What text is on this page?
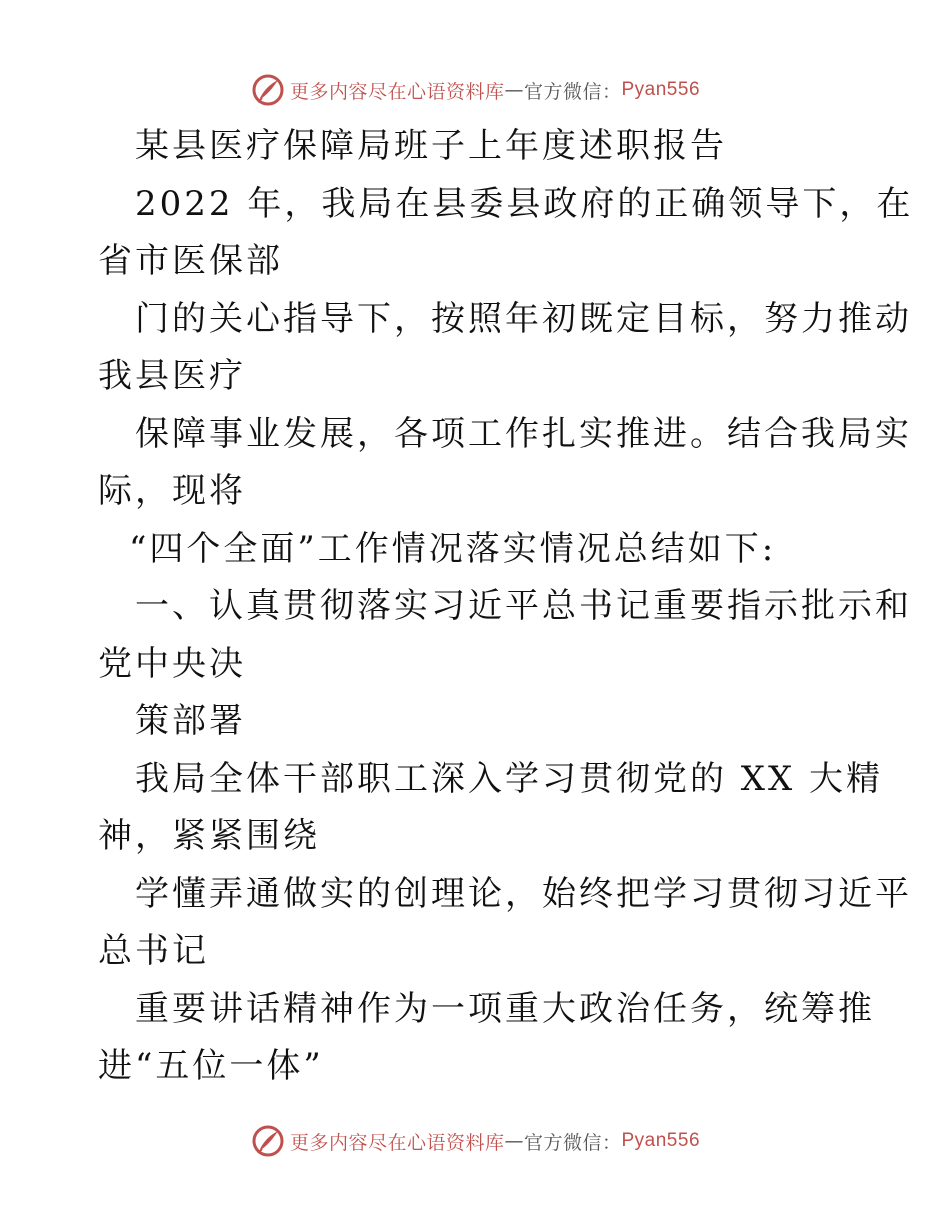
更多内容尽在心语资料库 — 官方微信： Pyan556
某县医疗保障局班子上年度述职报告
2022 年，我局在县委县政府的正确领导下，在
省市医保部
门的关心指导下，按照年初既定目标，努力推动
我县医疗
保障事业发展，各项工作扎实推进。结合我局实
际，现将
“四个全面”工作情况落实情况总结如下:
一、认真贯彻落实习近平总书记重要指示批示和
党中央决
策部署
我局全体干部职工深入学习贯彻党的 XX 大精
神，紧紧围绕
学懂弄通做实的创理论，始终把学习贯彻习近平
总书记
重要讲话精神作为一项重大政治任务，统筹推
进“五位一体”
更多内容尽在心语资料库 — 官方微信： Pyan556
